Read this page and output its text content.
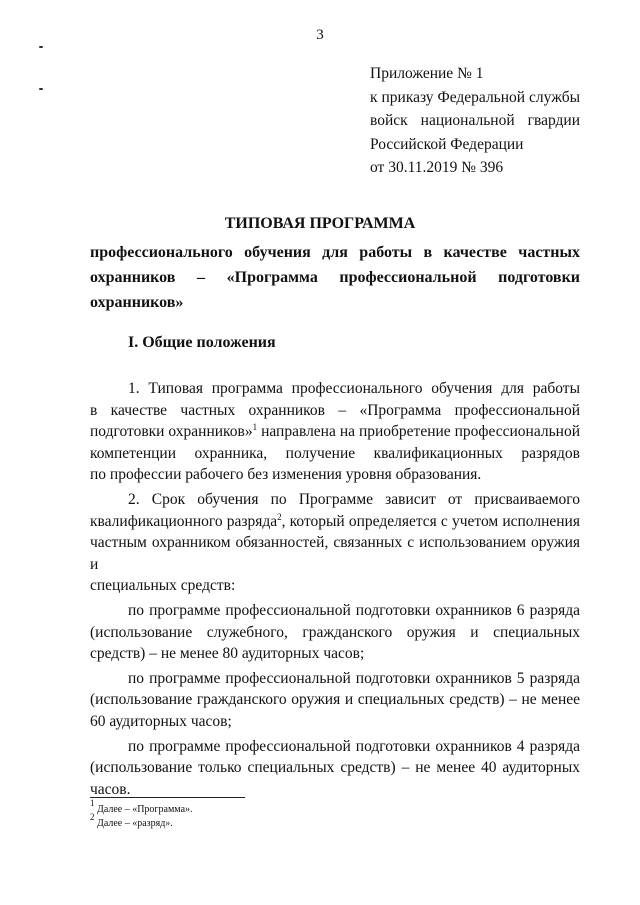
3
Приложение № 1
к приказу Федеральной службы
войск национальной гвардии
Российской Федерации
от 30.11.2019 № 396
ТИПОВАЯ ПРОГРАММА
профессионального обучения для работы в качестве частных
охранников – «Программа профессиональной подготовки
охранников»
I. Общие положения
1. Типовая программа профессионального обучения для работы
в качестве частных охранников – «Программа профессиональной
подготовки охранников»$^1$ направлена на приобретение профессиональной
компетенции охранника, получение квалификационных разрядов
по профессии рабочего без изменения уровня образования.
2. Срок обучения по Программе зависит от присваиваемого
квалификационного разряда$^2$, который определяется с учетом исполнения
частным охранником обязанностей, связанных с использованием оружия и
специальных средств:
по программе профессиональной подготовки охранников 6 разряда
(использование служебного, гражданского оружия и специальных
средств) – не менее 80 аудиторных часов;
по программе профессиональной подготовки охранников 5 разряда
(использование гражданского оружия и специальных средств) – не менее
60 аудиторных часов;
по программе профессиональной подготовки охранников 4 разряда
(использование только специальных средств) – не менее 40 аудиторных
часов.
$^1$ Далее – «Программа».
$^2$ Далее – «разряд».
